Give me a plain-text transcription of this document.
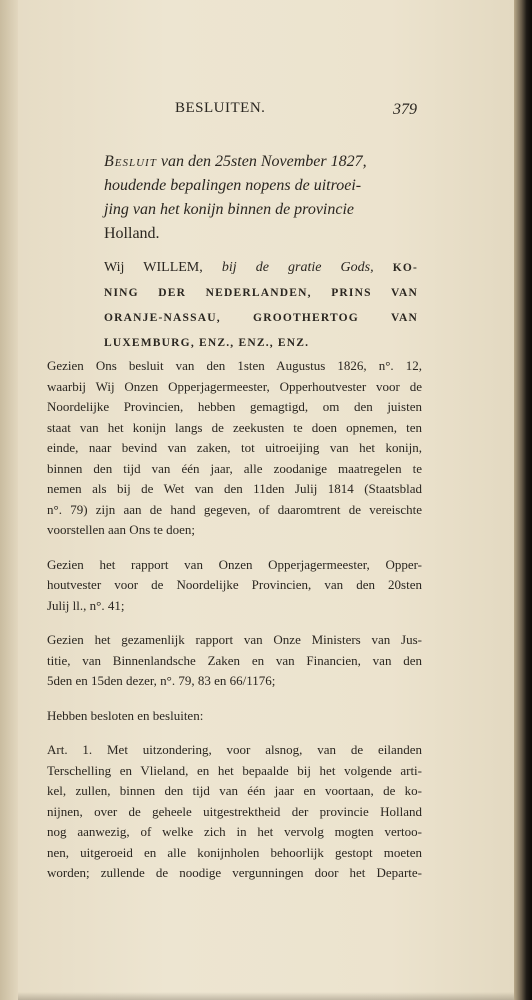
BESLUITEN.	379
Besluit van den 25sten November 1827,
houdende bepalingen nopens de uitroei-
jing van het konijn binnen de provincie
Holland.
Wij WILLEM, bij de gratie Gods, KO-
NING DER NEDERLANDEN, PRINS VAN
ORANJE-NASSAU, GROOTHERTOG VAN
LUXEMBURG, ENZ., ENZ., ENZ.
Gezien Ons besluit van den 1sten Augustus 1826, n°. 12,
waarbij Wij Onzen Opperjagermeester, Opperhoutvester voor de
Noordelijke Provincien, hebben gemagtigd, om den juisten
staat van het konijn langs de zeekusten te doen opnemen, ten
einde, naar bevind van zaken, tot uitroeijing van het konijn,
binnen den tijd van één jaar, alle zoodanige maatregelen te
nemen als bij de Wet van den 11den Julij 1814 (Staatsblad
n°. 79) zijn aan de hand gegeven, of daaromtrent de vereischte
voorstellen aan Ons te doen;
Gezien het rapport van Onzen Opperjagermeester, Opper-
houtvester voor de Noordelijke Provincien, van den 20sten
Julij ll., n°. 41;
Gezien het gezamenlijk rapport van Onze Ministers van Jus-
titie, van Binnenlandsche Zaken en van Financien, van den
5den en 15den dezer, n°. 79, 83 en 66/1176;
Hebben besloten en besluiten:
Art. 1. Met uitzondering, voor alsnog, van de eilanden
Terschelling en Vlieland, en het bepaalde bij het volgende arti-
kel, zullen, binnen den tijd van één jaar en voortaan, de ko-
nijnen, over de geheele uitgestrektheid der provincie Holland
nog aanwezig, of welke zich in het vervolg mogten vertoo-
nen, uitgeroeid en alle konijnholen behoorlijk gestopt moeten
worden; zullende de noodige vergunningen door het Departe-
